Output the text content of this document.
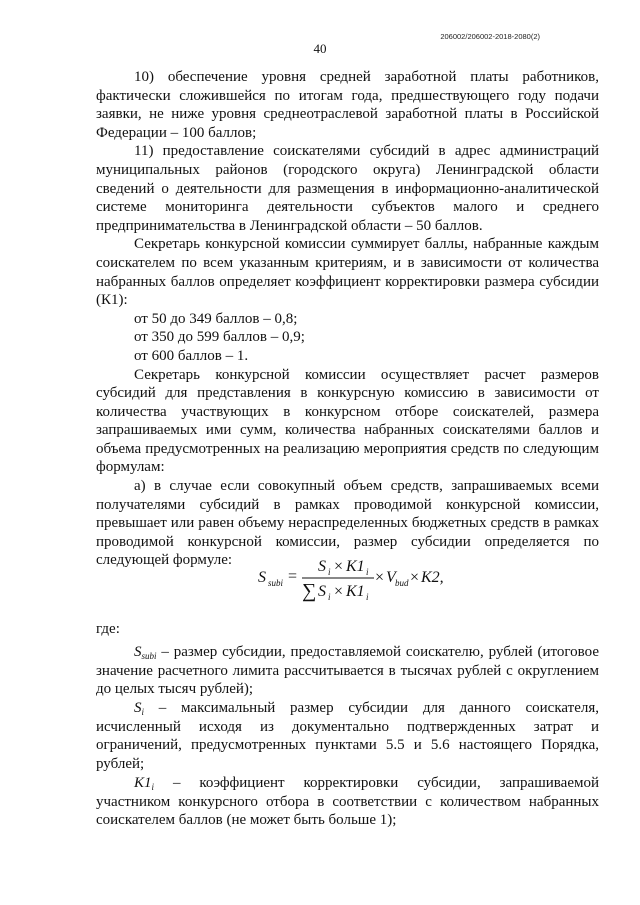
206002/206002-2018-2080(2)
40

10) обеспечение уровня средней заработной платы работников, фактически сложившейся по итогам года, предшествующего году подачи заявки, не ниже уровня среднеотраслевой заработной платы в Российской Федерации – 100 баллов;

11) предоставление соискателями субсидий в адрес администраций муниципальных районов (городского округа) Ленинградской области сведений о деятельности для размещения в информационно-аналитической системе мониторинга деятельности субъектов малого и среднего предпринимательства в Ленинградской области – 50 баллов.

Секретарь конкурсной комиссии суммирует баллы, набранные каждым соискателем по всем указанным критериям, и в зависимости от количества набранных баллов определяет коэффициент корректировки размера субсидии (К1):

от 50 до 349 баллов – 0,8;

от 350 до 599 баллов – 0,9;

от 600 баллов – 1.

Секретарь конкурсной комиссии осуществляет расчет размеров субсидий для представления в конкурсную комиссию в зависимости от количества участвующих в конкурсном отборе соискателей, размера запрашиваемых ими сумм, количества набранных соискателями баллов и объема предусмотренных на реализацию мероприятия средств по следующим формулам:

а) в случае если совокупный объем средств, запрашиваемых всеми получателями субсидий в рамках проводимой конкурсной комиссии, превышает или равен объему нераспределенных бюджетных средств в рамках проводимой конкурсной комиссии, размер субсидии определяется по следующей формуле:

S subi =
S i × K1 i
∑ S i × K1 i
× V bud × K2,
где:

$S_{subi}$ – размер субсидии, предоставляемой соискателю, рублей (итоговое значение расчетного лимита рассчитывается в тысячах рублей с округлением до целых тысяч рублей);

$S_i$ – максимальный размер субсидии для данного соискателя, исчисленный исходя из документально подтвержденных затрат и ограничений, предусмотренных пунктами 5.5 и 5.6 настоящего Порядка, рублей;

$K1_i$ – коэффициент корректировки субсидии, запрашиваемой участником конкурсного отбора в соответствии с количеством набранных соискателем баллов (не может быть больше 1);
